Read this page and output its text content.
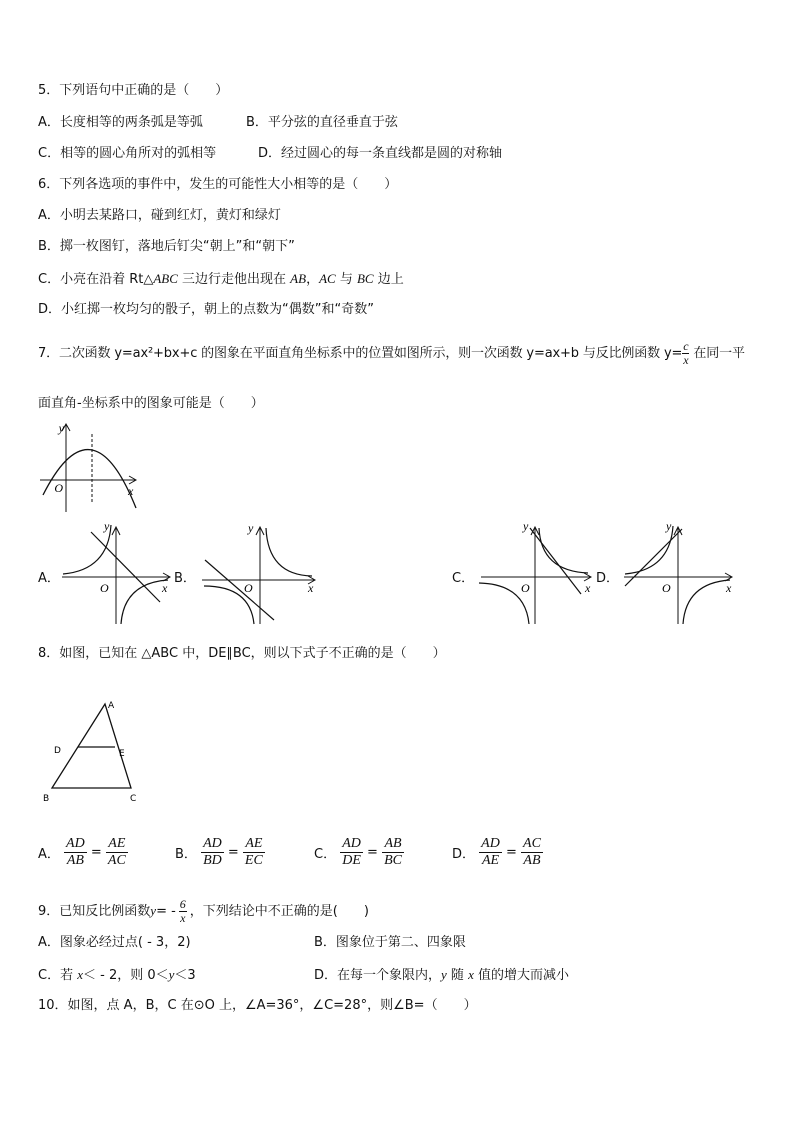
5．下列语句中正确的是（　　）
A．长度相等的两条弧是等弧	B．平分弦的直径垂直于弦
C．相等的圆心角所对的弧相等	D．经过圆心的每一条直线都是圆的对称轴
6．下列各选项的事件中，发生的可能性大小相等的是（　　）
A．小明去某路口，碰到红灯，黄灯和绿灯
B．掷一枚图钉，落地后钉尖“朝上”和“朝下”
C．小亮在沿着 Rt△ABC 三边行走他出现在 AB，AC 与 BC 边上
D．小红掷一枚均匀的骰子，朝上的点数为“偶数”和“奇数”
7．二次函数 y=ax²+bx+c 的图象在平面直角坐标系中的位置如图所示，则一次函数 y=ax+b 与反比例函数 $y= \frac{c}{x}$ 在同一平
面直角-坐标系中的图象可能是（　　）
y
x
O
A．
y
x
O
B．
y
x
O
C．
y
x
O
D．
y
x
O
8．如图，已知在 △ABC 中，DE∥BC，则以下式子不正确的是（　　）
A
D	E
B	C
A． $\frac{AD}{AB} = \frac{AE}{AC}$	B． $\frac{AD}{BD} = \frac{AE}{EC}$	C． $\frac{AD}{DE} = \frac{AB}{BC}$	D． $\frac{AD}{AE} = \frac{AC}{AB}$
9．已知反比例函数$y= - \frac{6}{x}$ ，下列结论中不正确的是(　　)
A．图象必经过点( - 3，2)	B．图象位于第二、四象限
C．若 x＜ - 2，则 0＜y＜3	D．在每一个象限内，y 随 x 值的增大而减小
10．如图，点 A，B，C 在⊙O 上，∠A=36°，∠C=28°，则∠B=（　　）
